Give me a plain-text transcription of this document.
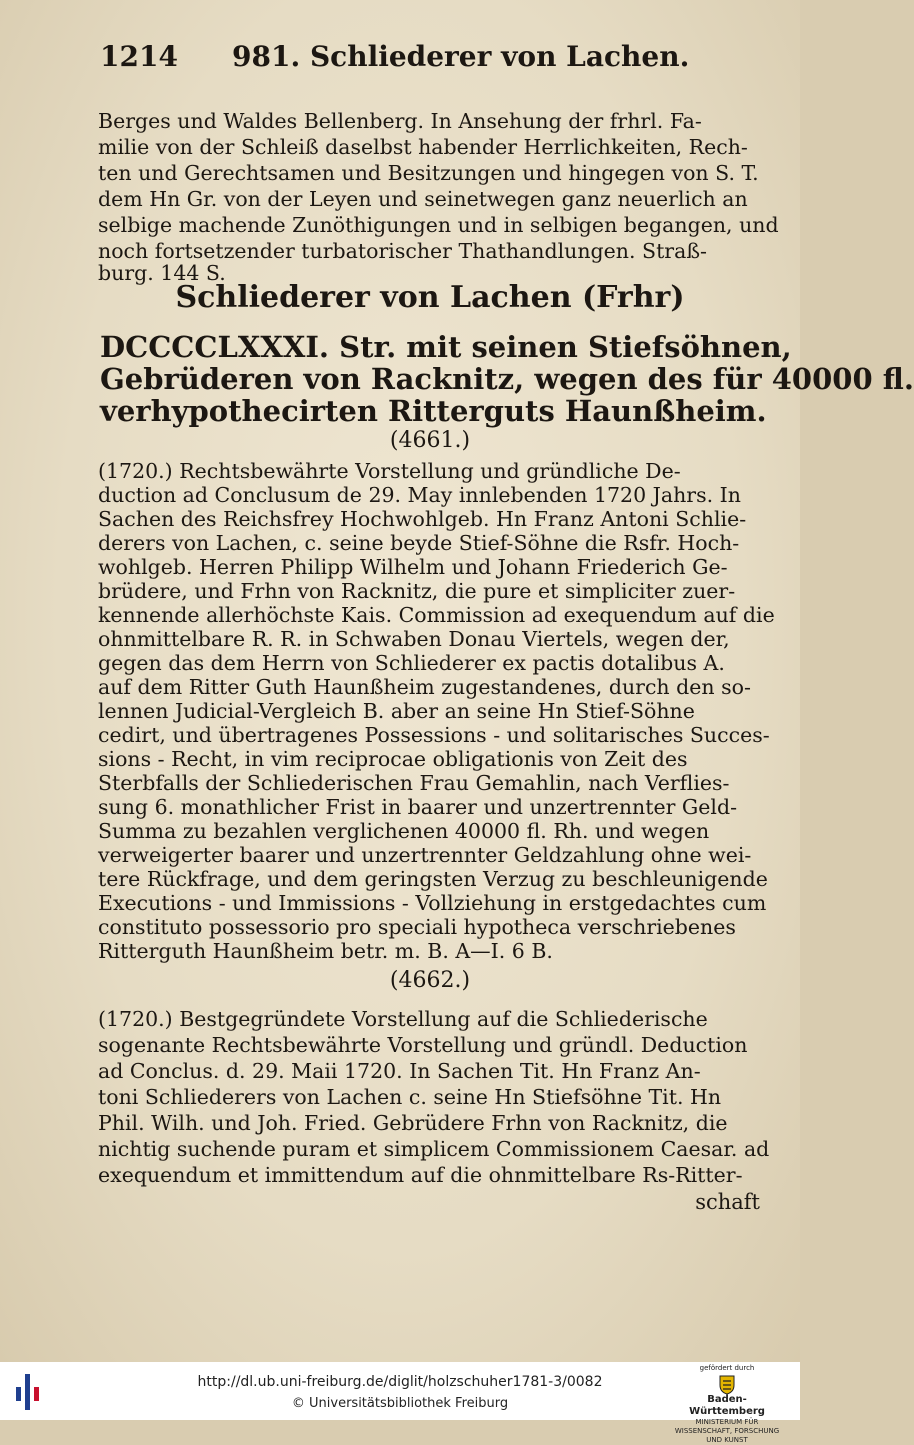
1214 981. Schliederer von Lachen.
Berges und Waldes Bellenberg. In Ansehung der frhrl. Fa-
milie von der Schleiß daselbst habender Herrlichkeiten, Rech-
ten und Gerechtsamen und Besitzungen und hingegen von S. T.
dem Hn Gr. von der Leyen und seinetwegen ganz neuerlich an
selbige machende Zunöthigungen und in selbigen begangen, und
noch fortsetzender turbatorischer Thathandlungen. Straß-
burg. 144 S.
Schliederer von Lachen (Frhr)
DCCCCLXXXI. Str. mit seinen Stiefsöhnen,
Gebrüderen von Racknitz, wegen des für 40000 fl.
verhypothecirten Ritterguts Haunßheim.
(4661.)
(1720.) Rechtsbewährte Vorstellung und gründliche De-
duction ad Conclusum de 29. May innlebenden 1720 Jahrs. In
Sachen des Reichsfrey Hochwohlgeb. Hn Franz Antoni Schlie-
derers von Lachen, c. seine beyde Stief-Söhne die Rsfr. Hoch-
wohlgeb. Herren Philipp Wilhelm und Johann Friederich Ge-
brüdere, und Frhn von Racknitz, die pure et simpliciter zuer-
kennende allerhöchste Kais. Commission ad exequendum auf die
ohnmittelbare R. R. in Schwaben Donau Viertels, wegen der,
gegen das dem Herrn von Schliederer ex pactis dotalibus A.
auf dem Ritter Guth Haunßheim zugestandenes, durch den so-
lennen Judicial-Vergleich B. aber an seine Hn Stief-Söhne
cedirt, und übertragenes Possessions - und solitarisches Succes-
sions - Recht, in vim reciprocae obligationis von Zeit des
Sterbfalls der Schliederischen Frau Gemahlin, nach Verflies-
sung 6. monathlicher Frist in baarer und unzertrennter Geld-
Summa zu bezahlen verglichenen 40000 fl. Rh. und wegen
verweigerter baarer und unzertrennter Geldzahlung ohne wei-
tere Rückfrage, und dem geringsten Verzug zu beschleunigende
Executions - und Immissions - Vollziehung in erstgedachtes cum
constituto possessorio pro speciali hypotheca verschriebenes
Ritterguth Haunßheim betr. m. B. A—I. 6 B.
(4662.)
(1720.) Bestgegründete Vorstellung auf die Schliederische
sogenante Rechtsbewährte Vorstellung und gründl. Deduction
ad Conclus. d. 29. Maii 1720. In Sachen Tit. Hn Franz An-
toni Schliederers von Lachen c. seine Hn Stiefsöhne Tit. Hn
Phil. Wilh. und Joh. Fried. Gebrüdere Frhn von Racknitz, die
nichtig suchende puram et simplicem Commissionem Caesar. ad
exequendum et immittendum auf die ohnmittelbare Rs-Ritter-
schaft
http://dl.ub.uni-freiburg.de/diglit/holzschuher1781-3/0082
© Universitätsbibliothek Freiburg
gefördert durch
Baden-Württemberg
MINISTERIUM FÜR WISSENSCHAFT, FORSCHUNG UND KUNST
